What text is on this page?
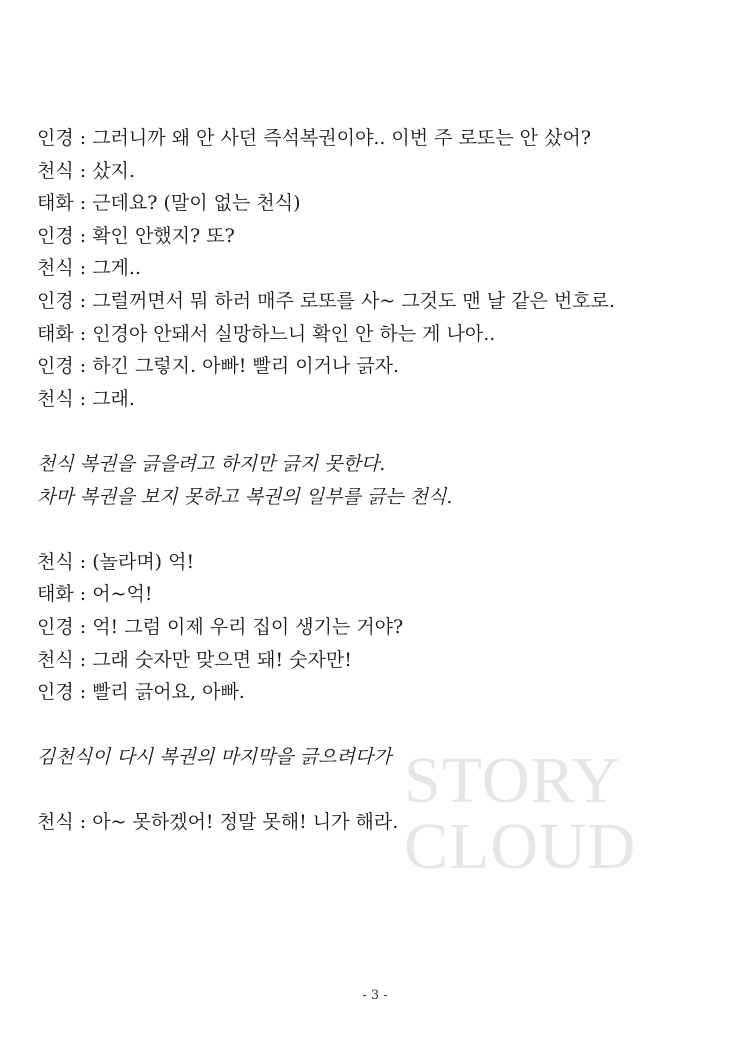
인경 : 그러니까 왜 안 사던 즉석복권이야.. 이번 주 로또는 안 샀어?
천식 : 샀지.
태화 : 근데요? (말이 없는 천식)
인경 : 확인 안했지? 또?
천식 : 그게..
인경 : 그럴꺼면서 뭐 하러 매주 로또를 사~ 그것도 맨 날 같은 번호로.
태화 : 인경아 안돼서 실망하느니 확인 안 하는 게 나아..
인경 : 하긴 그렇지. 아빠! 빨리 이거나 긁자.
천식 : 그래.
천식 복권을 긁을려고 하지만 긁지 못한다.
차마 복권을 보지 못하고 복권의 일부를 긁는 천식.
천식 : (놀라며) 억!
태화 : 어~억!
인경 : 억! 그럼 이제 우리 집이 생기는 거야?
천식 : 그래 숫자만 맞으면 돼! 숫자만!
인경 : 빨리 긁어요, 아빠.
김천식이 다시 복권의 마지막을 긁으려다가
천식 : 아~ 못하겠어! 정말 못해! 니가 해라.
STORY
CLOUD
- 3 -
